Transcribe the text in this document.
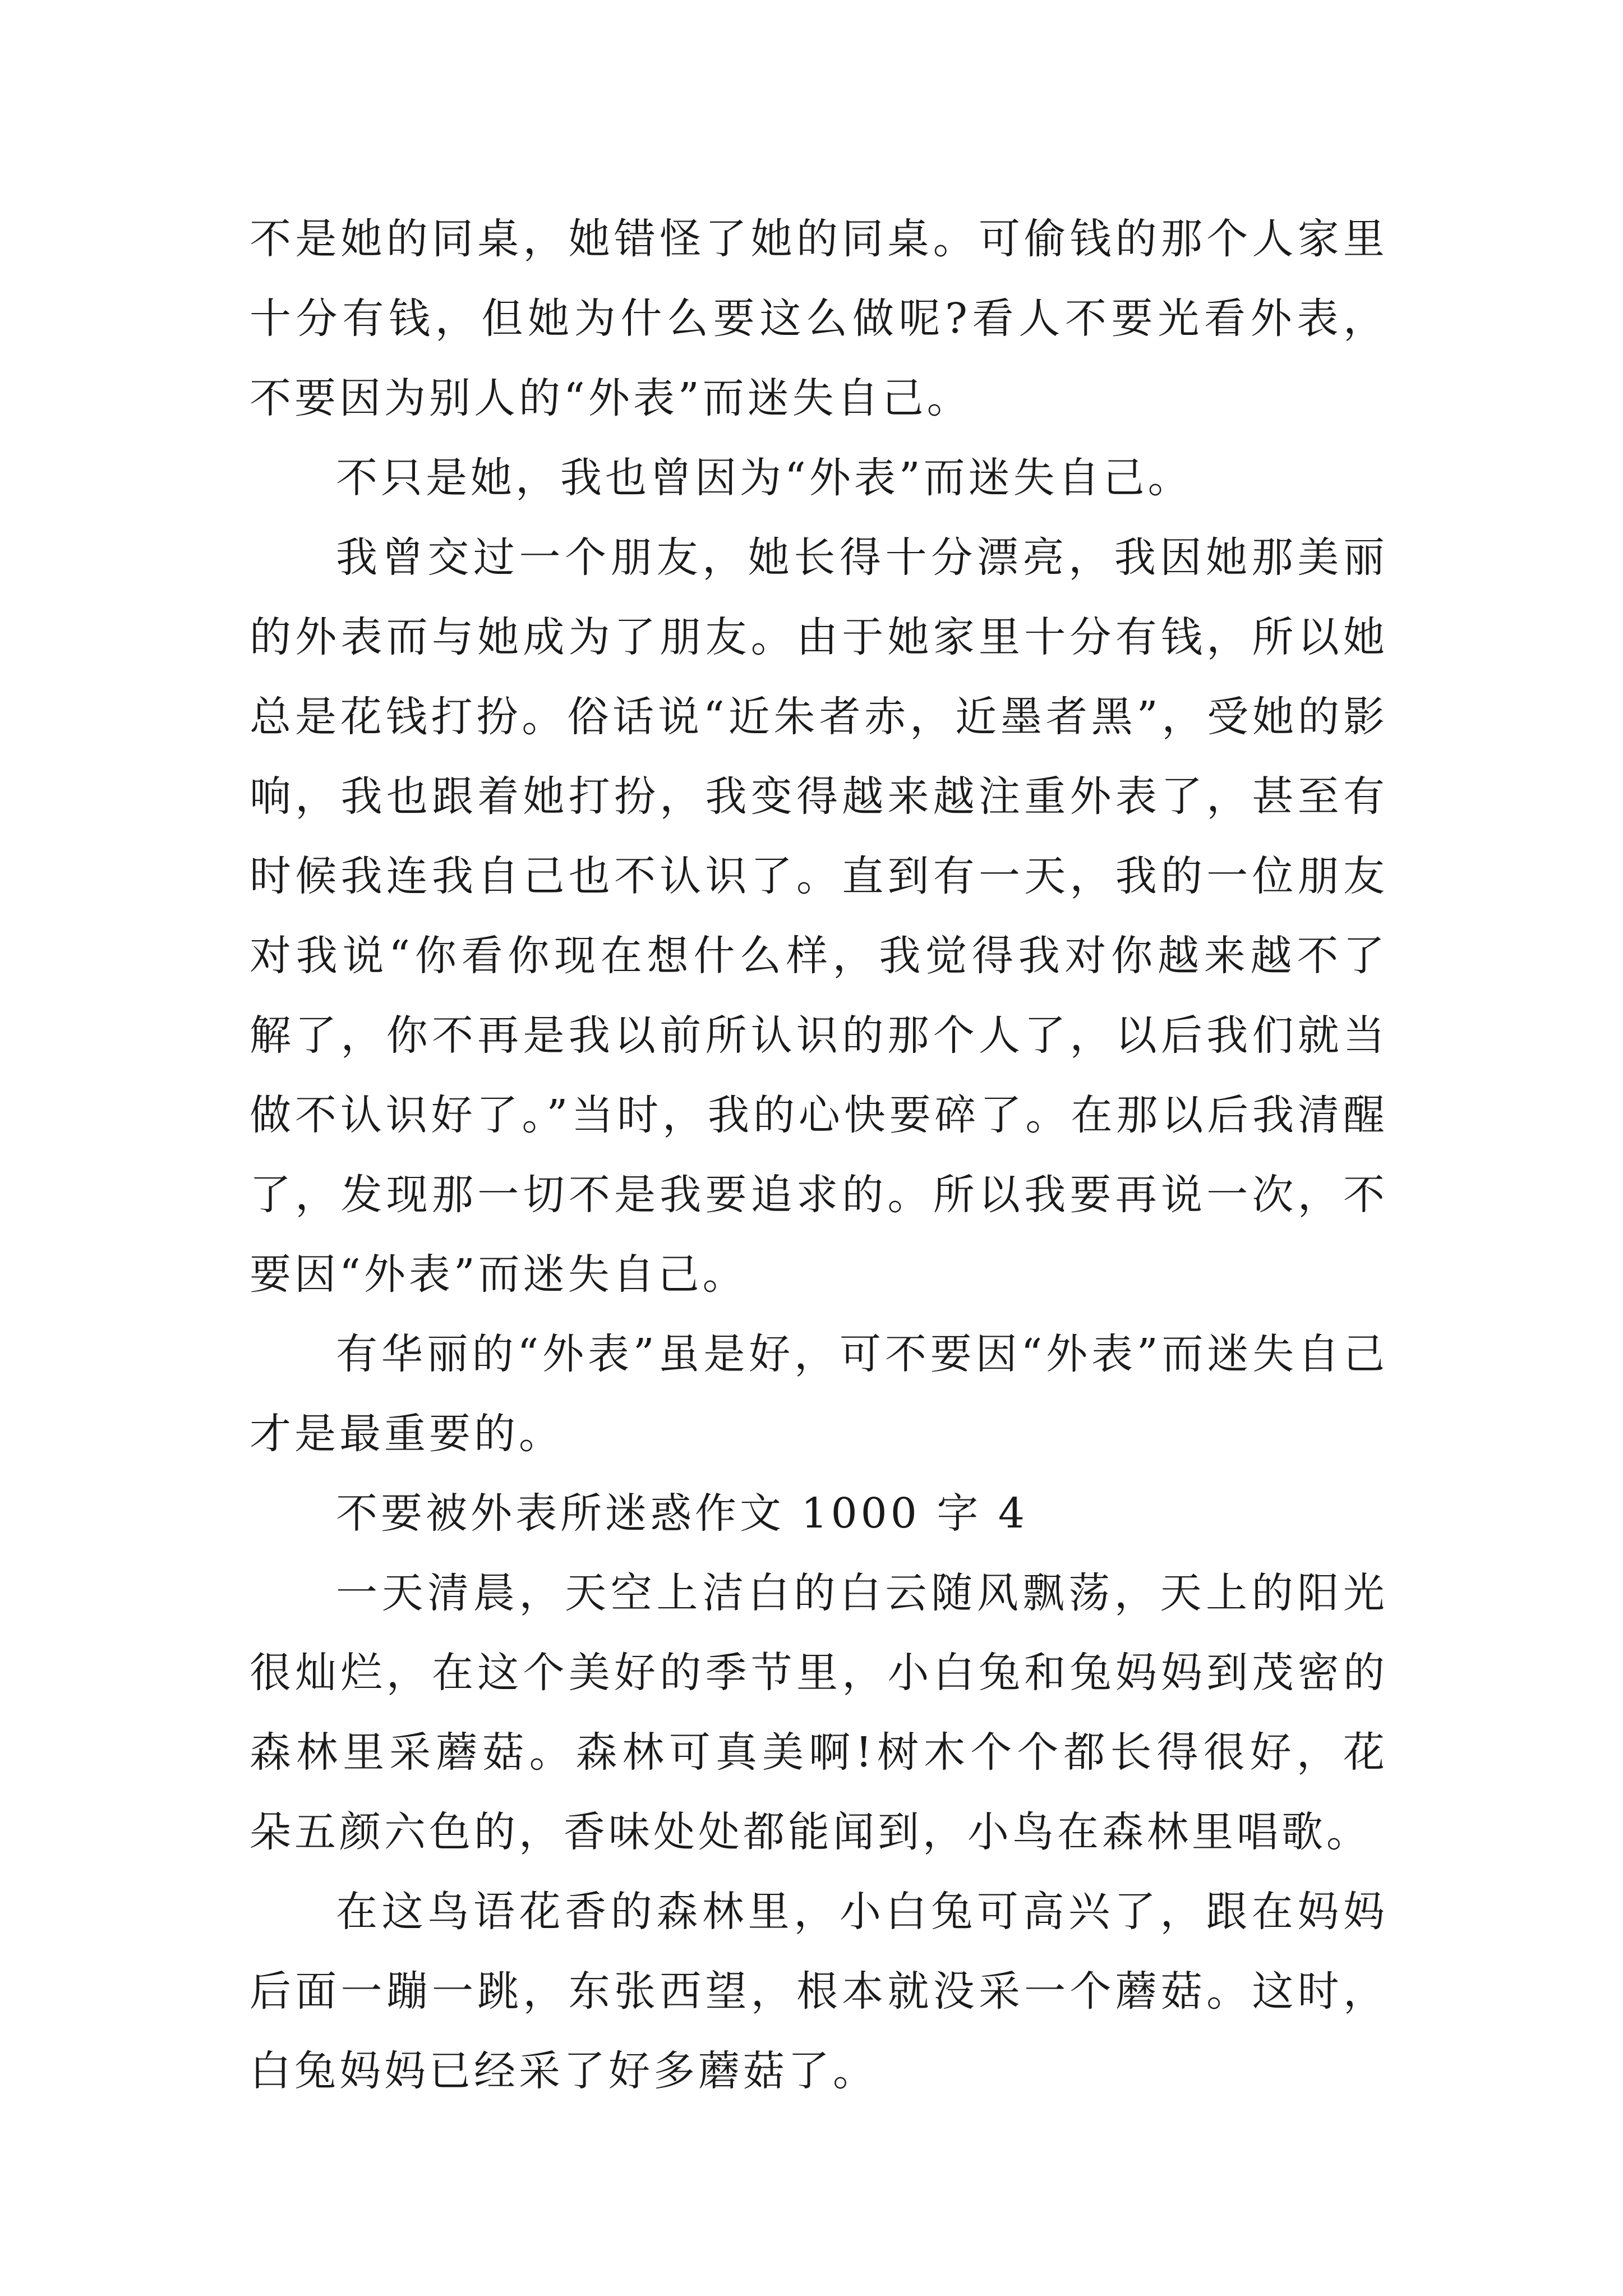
不是她的同桌，她错怪了她的同桌。可偷钱的那个人家里十分有钱，但她为什么要这么做呢?看人不要光看外表，不要因为别人的“外表”而迷失自己。

不只是她，我也曾因为“外表”而迷失自己。

我曾交过一个朋友，她长得十分漂亮，我因她那美丽的外表而与她成为了朋友。由于她家里十分有钱，所以她总是花钱打扮。俗话说“近朱者赤，近墨者黑”，受她的影响，我也跟着她打扮，我变得越来越注重外表了，甚至有时候我连我自己也不认识了。直到有一天，我的一位朋友对我说“你看你现在想什么样，我觉得我对你越来越不了解了，你不再是我以前所认识的那个人了，以后我们就当做不认识好了。”当时，我的心快要碎了。在那以后我清醒了，发现那一切不是我要追求的。所以我要再说一次，不要因“外表”而迷失自己。

有华丽的“外表”虽是好，可不要因“外表”而迷失自己才是最重要的。

不要被外表所迷惑作文 1000 字 4

一天清晨，天空上洁白的白云随风飘荡，天上的阳光很灿烂，在这个美好的季节里，小白兔和兔妈妈到茂密的森林里采蘑菇。森林可真美啊!树木个个都长得很好，花朵五颜六色的，香味处处都能闻到，小鸟在森林里唱歌。

在这鸟语花香的森林里，小白兔可高兴了，跟在妈妈后面一蹦一跳，东张西望，根本就没采一个蘑菇。这时，白兔妈妈已经采了好多蘑菇了。
